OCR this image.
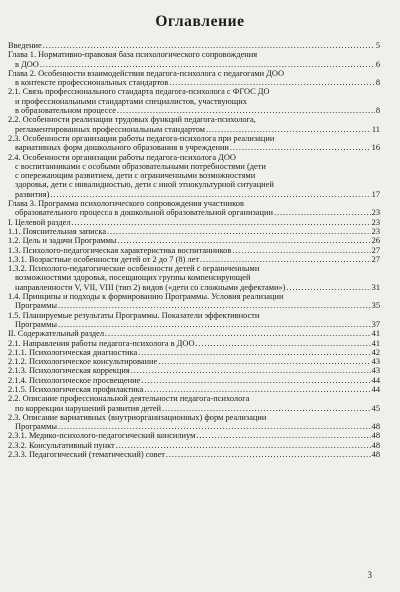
Оглавление
Введение . . .	5
Глава 1. Нормативно-правовая база психологического сопровождения
в ДОО . . .	6
Глава 2. Особенности взаимодействия педагога-психолога с педагогами ДОО
в контексте профессиональных стандартов . . .	8
2.1. Связь профессионального стандарта педагога-психолога с ФГОС ДО
и профессиональными стандартами специалистов, участвующих
в образовательном процессе . . .	8
2.2. Особенности реализации трудовых функций педагога-психолога,
регламентированных профессиональным стандартом . . .	11
2.3. Особенности организации работы педагога-психолога при реализации
вариативных форм дошкольного образования в учреждении . . .	16
2.4. Особенности организации работы педагога-психолога ДОО
с воспитанниками с особыми образовательными потребностями (дети
с опережающим развитием, дети с ограниченными возможностями
здоровья, дети с инвалидностью, дети с иной этнокультурной ситуацией
развития) . . .	17
Глава 3. Программа психологического сопровождения участников
образовательного процесса в дошкольной образовательной организации . . .	23
I. Целевой раздел . . .	23
1.1. Пояснительная записка . . .	23
1.2. Цель и задачи Программы . . .	26
1.3. Психолого-педагогическая характеристика воспитанников . . .	27
1.3.1. Возрастные особенности детей от 2 до 7 (8) лет . . .	27
1.3.2. Психолого-педагогические особенности детей с ограниченными
возможностями здоровья, посещающих группы компенсирующей
направленности V, VII, VIII (тип 2) видов («дети со сложными дефектами») . . .	31
1.4. Принципы и подходы к формированию Программы. Условия реализации
Программы . . .	35
1.5. Планируемые результаты Программы. Показатели эффективности
Программы . . .	37
II. Содержательный раздел . . .	41
2.1. Направления работы педагога-психолога в ДОО . . .	41
2.1.1. Психологическая диагностика . . .	42
2.1.2. Психологическое консультирование . . .	43
2.1.3. Психологическая коррекция . . .	43
2.1.4. Психологическое просвещение . . .	44
2.1.5. Психологическая профилактика . . .	44
2.2. Описание профессиональной деятельности педагога-психолога
по коррекции нарушений развития детей . . .	45
2.3. Описание вариативных (внутриорганизационных) форм реализации
Программы . . .	48
2.3.1. Медико-психолого-педагогический консилиум . . .	48
2.3.2. Консультативный пункт . . .	48
2.3.3. Педагогический (тематический) совет . . .	48
3
